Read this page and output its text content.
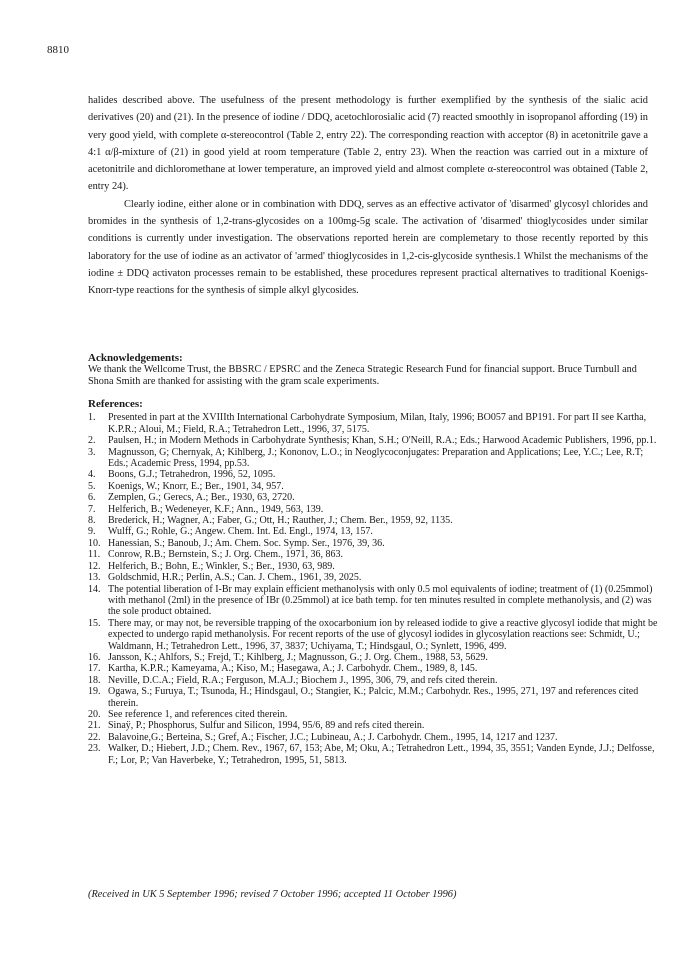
8810

halides described above. The usefulness of the present methodology is further exemplified by the synthesis of the sialic acid derivatives (20) and (21). In the presence of iodine / DDQ, acetochlorosialic acid (7) reacted smoothly in isopropanol affording (19) in very good yield, with complete α-stereocontrol (Table 2, entry 22). The corresponding reaction with acceptor (8) in acetonitrile gave a 4:1 α/β-mixture of (21) in good yield at room temperature (Table 2, entry 23). When the reaction was carried out in a mixture of acetonitrile and dichloromethane at lower temperature, an improved yield and almost complete α-stereocontrol was obtained (Table 2, entry 24).

Clearly iodine, either alone or in combination with DDQ, serves as an effective activator of 'disarmed' glycosyl chlorides and bromides in the synthesis of 1,2-trans-glycosides on a 100mg-5g scale. The activation of 'disarmed' thioglycosides under similar conditions is currently under investigation. The observations reported herein are complemetary to those recently reported by this laboratory for the use of iodine as an activator of 'armed' thioglycosides in 1,2-cis-glycoside synthesis.1 Whilst the mechanisms of the iodine ± DDQ activaton processes remain to be established, these procedures represent practical alternatives to traditional Koenigs-Knorr-type reactions for the synthesis of simple alkyl glycosides.

Acknowledgements:

We thank the Wellcome Trust, the BBSRC / EPSRC and the Zeneca Strategic Research Fund for financial support. Bruce Turnbull and Shona Smith are thanked for assisting with the gram scale experiments.

References:
1.	Presented in part at the XVIIIth International Carbohydrate Symposium, Milan, Italy, 1996; BO057 and BP191. For part II see Kartha, K.P.R.; Aloui, M.; Field, R.A.; Tetrahedron Lett., 1996, 37, 5175.
2.	Paulsen, H.; in Modern Methods in Carbohydrate Synthesis; Khan, S.H.; O'Neill, R.A.; Eds.; Harwood Academic Publishers, 1996, pp.1.
3.	Magnusson, G; Chernyak, A; Kihlberg, J.; Kononov, L.O.; in Neoglycoconjugates: Preparation and Applications; Lee, Y.C.; Lee, R.T; Eds.; Academic Press, 1994, pp.53.
4.	Boons, G.J.; Tetrahedron, 1996, 52, 1095.
5.	Koenigs, W.; Knorr, E.; Ber., 1901, 34, 957.
6.	Zemplen, G.; Gerecs, A.; Ber., 1930, 63, 2720.
7.	Helferich, B.; Wedeneyer, K.F.; Ann., 1949, 563, 139.
8.	Brederick, H.; Wagner, A.; Faber, G.; Ott, H.; Rauther, J.; Chem. Ber., 1959, 92, 1135.
9.	Wulff, G.; Rohle, G.; Angew. Chem. Int. Ed. Engl., 1974, 13, 157.
10. Hanessian, S.; Banoub, J.; Am. Chem. Soc. Symp. Ser., 1976, 39, 36.
11. Conrow, R.B.; Bernstein, S.; J. Org. Chem., 1971, 36, 863.
12. Helferich, B.; Bohn, E.; Winkler, S.; Ber., 1930, 63, 989.
13. Goldschmid, H.R.; Perlin, A.S.; Can. J. Chem., 1961, 39, 2025.
14. The potential liberation of I-Br may explain efficient methanolysis with only 0.5 mol equivalents of iodine; treatment of (1) (0.25mmol) with methanol (2ml) in the presence of IBr (0.25mmol) at ice bath temp. for ten minutes resulted in complete methanolysis, and (2) was the sole product obtained.
15. There may, or may not, be reversible trapping of the oxocarbonium ion by released iodide to give a reactive glycosyl iodide that might be expected to undergo rapid methanolysis. For recent reports of the use of glycosyl iodides in glycosylation reactions see: Schmidt, U.; Waldmann, H.; Tetrahedron Lett., 1996, 37, 3837; Uchiyama, T.; Hindsgaul, O.; Synlett, 1996, 499.
16. Jansson, K.; Ahlfors, S.; Frejd, T.; Kihlberg, J.; Magnusson, G.; J. Org. Chem., 1988, 53, 5629.
17. Kartha, K.P.R.; Kameyama, A.; Kiso, M.; Hasegawa, A.; J. Carbohydr. Chem., 1989, 8, 145.
18. Neville, D.C.A.; Field, R.A.; Ferguson, M.A.J.; Biochem J., 1995, 306, 79, and refs cited therein.
19. Ogawa, S.; Furuya, T.; Tsunoda, H.; Hindsgaul, O.; Stangier, K.; Palcic, M.M.; Carbohydr. Res., 1995, 271, 197 and references cited therein.
20. See reference 1, and references cited therein.
21. Sinaÿ, P.; Phosphorus, Sulfur and Silicon, 1994, 95/6, 89 and refs cited therein.
22. Balavoine,G.; Berteina, S.; Gref, A.; Fischer, J.C.; Lubineau, A.; J. Carbohydr. Chem., 1995, 14, 1217 and 1237.
23. Walker, D.; Hiebert, J.D.; Chem. Rev., 1967, 67, 153; Abe, M; Oku, A.; Tetrahedron Lett., 1994, 35, 3551; Vanden Eynde, J.J.; Delfosse, F.; Lor, P.; Van Haverbeke, Y.; Tetrahedron, 1995, 51, 5813.
(Received in UK 5 September 1996; revised 7 October 1996; accepted 11 October 1996)
